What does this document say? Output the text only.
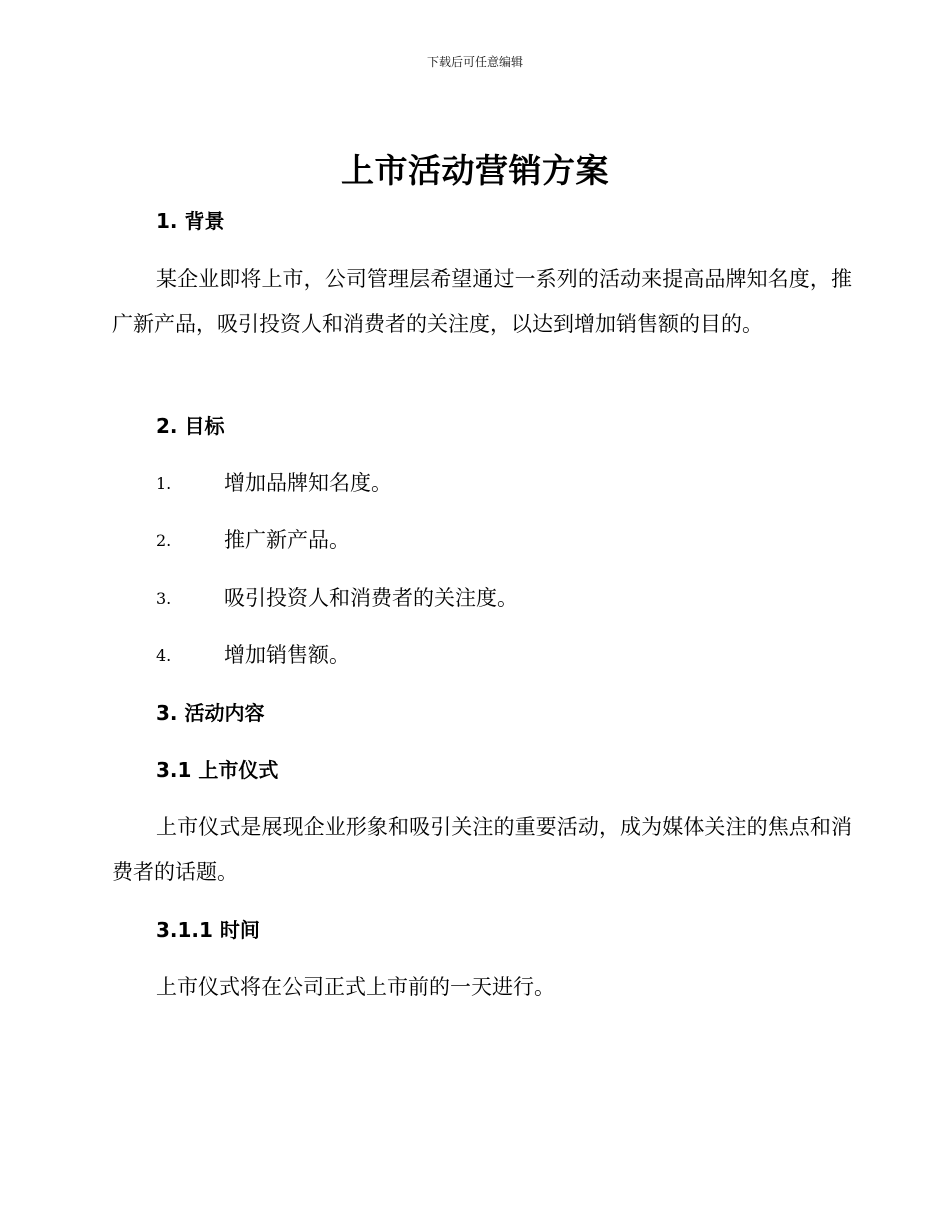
下载后可任意编辑
上市活动营销方案
1. 背景

某企业即将上市，公司管理层希望通过一系列的活动来提高品牌知名度，推广新产品，吸引投资人和消费者的关注度，以达到增加销售额的目的。

2. 目标
1.	增加品牌知名度。
2.	推广新产品。
3.	吸引投资人和消费者的关注度。
4.	增加销售额。
3. 活动内容
3.1 上市仪式

上市仪式是展现企业形象和吸引关注的重要活动，成为媒体关注的焦点和消费者的话题。

3.1.1 时间

上市仪式将在公司正式上市前的一天进行。
